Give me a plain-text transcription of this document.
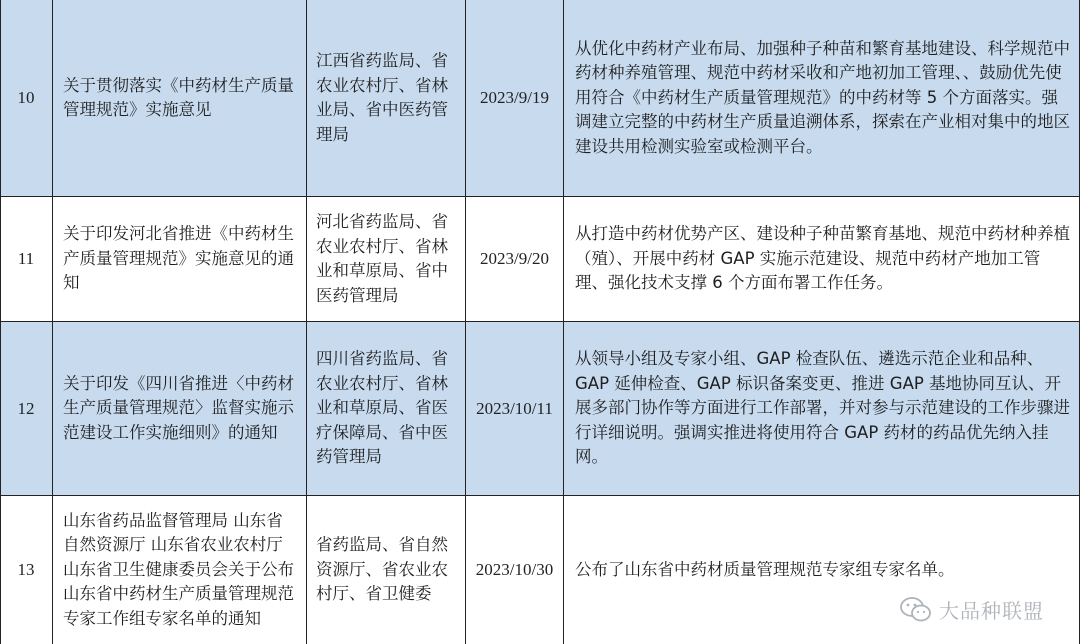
10
关于贯彻落实《中药材生产质量管理规范》实施意见
江西省药监局、省农业农村厅、省林业局、省中医药管理局
2023/9/19
从优化中药材产业布局、加强种子种苗和繁育基地建设、科学规范中药材种养殖管理、规范中药材采收和产地初加工管理、、鼓励优先使用符合《中药材生产质量管理规范》的中药材等 5 个方面落实。强调建立完整的中药材生产质量追溯体系，探索在产业相对集中的地区建设共用检测实验室或检测平台。
11
关于印发河北省推进《中药材生产质量管理规范》实施意见的通知
河北省药监局、省农业农村厅、省林业和草原局、省中医药管理局
2023/9/20
从打造中药材优势产区、建设种子种苗繁育基地、规范中药材种养植（殖）、开展中药材 GAP 实施示范建设、规范中药材产地加工管理、强化技术支撑 6 个方面布署工作任务。
12
关于印发《四川省推进〈中药材生产质量管理规范〉监督实施示范建设工作实施细则》的通知
四川省药监局、省农业农村厅、省林业和草原局、省医疗保障局、省中医药管理局
2023/10/11
从领导小组及专家小组、GAP 检查队伍、遴选示范企业和品种、GAP 延伸检查、GAP 标识备案变更、推进 GAP 基地协同互认、开展多部门协作等方面进行工作部署，并对参与示范建设的工作步骤进行详细说明。强调实推进将使用符合 GAP 药材的药品优先纳入挂网。
13
山东省药品监督管理局 山东省自然资源厅 山东省农业农村厅 山东省卫生健康委员会关于公布山东省中药材生产质量管理规范专家工作组专家名单的通知
省药监局、省自然资源厅、省农业农村厅、省卫健委
2023/10/30	公布了山东省中药材质量管理规范专家组专家名单。
大品种联盟
